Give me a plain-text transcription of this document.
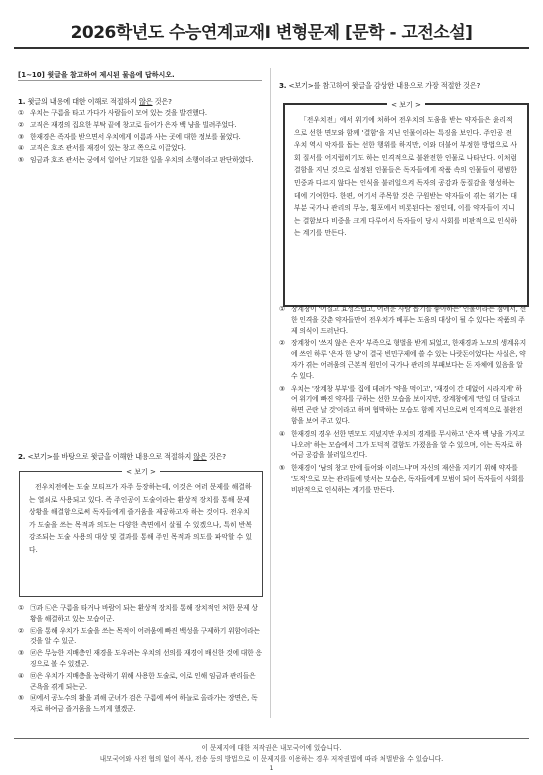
2026학년도 수능연계교재Ⅰ 변형문제 [문학 - 고전소설]
[1~10] 윗글을 참고하여 제시된 물음에 답하시오.
1. 윗글의 내용에 대한 이해로 적절하지 않은 것은?
① 우치는 구름을 타고 가다가 사람들이 모여 있는 것을 발견했다.
② 고직은 재경의 집요한 부탁 끝에 창고로 들어가 은자 백 냥을 빌려주었다.
③ 한재경은 족자를 받으면서 우치에게 이름과 사는 곳에 대한 정보를 물었다.
④ 고직은 호조 관서를 재경이 있는 창고 쪽으로 이끌었다.
⑤ 임금과 호조 관서는 궁에서 일어난 기묘한 일을 우치의 소행이라고 판단하였다.
2. <보기>를 바탕으로 윗글을 이해한 내용으로 적절하지 않은 것은?
< 보기 >
전우치전에는 도술 모티프가 자주 등장하는데, 이것은 여러 문제를 해결하는 열쇠로 사용되고 있다. 즉 주인공이 도술이라는 환상적 장치를 통해 문제 상황을 해결함으로써 독자들에게 즐거움을 제공하고자 하는 것이다. 전우치가 도술을 쓰는 목적과 의도는 다양한 측면에서 살필 수 있겠으나, 특히 반복강조되는 도술 사용의 대상 및 결과를 통해 주인 목적과 의도를 파악할 수 있다.
① ㉠과 ㉡은 구름을 타거나 바람이 되는 환상적 장치를 통해 장치적인 처한 문제 상황을 해결하고 있는 모습이군.
② ㉢을 통해 우치가 도술을 쓰는 목적이 어려움에 빠진 백성을 구제하기 위함이라는 것을 알 수 있군.
③ ㉣은 무능한 지배층인 재경을 도우려는 우치의 선의를 재경이 배신한 것에 대한 응징으로 볼 수 있겠군.
④ ㉤은 우치가 지배층을 농락하기 위해 사용한 도술로, 이로 인해 임금과 관리들은 곤욕을 겪게 되는군.
⑤ ㉥에서 공노수의 활을 괴해 군녀가 검은 구름에 싸여 하늘로 올라가는 장면은, 독자로 하여금 즐거움을 느끼게 했겠군.
3. <보기>를 참고하여 윗글을 감상한 내용으로 가장 적절한 것은?
< 보기 >
「전우치전」에서 위기에 처하여 전우치의 도움을 받는 약자들은 윤리적으로 선한 면모와 함께 '결함'을 지닌 인물이라는 특징을 보인다. 주인공 전우치 역시 악자를 돕는 선한 행위를 하지만, 이와 더불어 부정한 방법으로 사회 질서를 어지럽히기도 하는 인격적으로 불완전한 인물로 나타난다. 이처럼 결함을 지닌 것으로 설정된 인물들은 독자들에게 작품 속의 인물들이 평범한 민중과 다르지 않다는 인식을 불러일으켜 독자의 공감과 동질감을 형성하는 데에 기여한다. 한편, 여기서 주목할 것은 구원받는 약자들이 겪는 위기는 대부분 국가나 관리의 무능, 횡포에서 비롯된다는 점인데, 이를 약자들이 지니는 결함보다 비중을 크게 다루어서 독자들이 당시 사회를 비판적으로 인식하는 계기를 만든다.
① 장계창이 '어질고 효성스럽고, 어려운 사람 돕기를 좋아하는' 인물이라는 점에서, 선한 인격을 갖춘 약자들만이 전우치가 베푸는 도움의 대상이 될 수 있다는 작품의 주제 의식이 드러난다.
② 장계창이 '쓰지 않은 은자' 부족으로 형벌을 받게 되었고, 한재경과 노모의 생계유지에 쓰인 하루 '은자 한 냥'이 결국 빈민구제에 쓸 수 있는 나랏돈이었다는 사실은, 약자가 겪는 어려움의 근본적 원인이 국가나 관리의 부패보다는 돈 자체에 있음을 알 수 있다.
③ 우치는 '장계창 부부'를 집에 데려가 '약을 먹이고', '재경이 간 데없어 시라지게' 하여 위기에 빠진 약자를 구하는 선한 모습을 보이지만, 장계창에게 '만일 더 달라고 하면 곤란 날 것'이라고 하며 협박하는 모습도 함께 지닌으로써 인격적으로 불완전함을 보여 주고 있다.
④ 한재경의 경우 선한 면모도 지녔지만 우치의 경계를 무시하고 '은자 백 냥을 가지고 나오려' 하는 모습에서 그가 도덕적 결함도 가졌음을 알 수 있으며, 이는 독자로 하여금 공감을 불러일으킨다.
⑤ 한재경이 '남의 창고 안에 들어와 이러느냐'며 자신의 재산을 지키기 위해 약자를 '도적'으로 모는 관리들에 맞서는 모습은, 독자들에게 모범이 되어 독자들이 사회를 비판적으로 인식하는 계기를 만든다.
이 문제지에 대한 저작권은 내모국어에 있습니다.
내모국어와 사전 협의 없이 복사, 전송 등의 방법으로 이 문제지를 이용하는 경우 저작권법에 따라 처벌받을 수 있습니다.
1
